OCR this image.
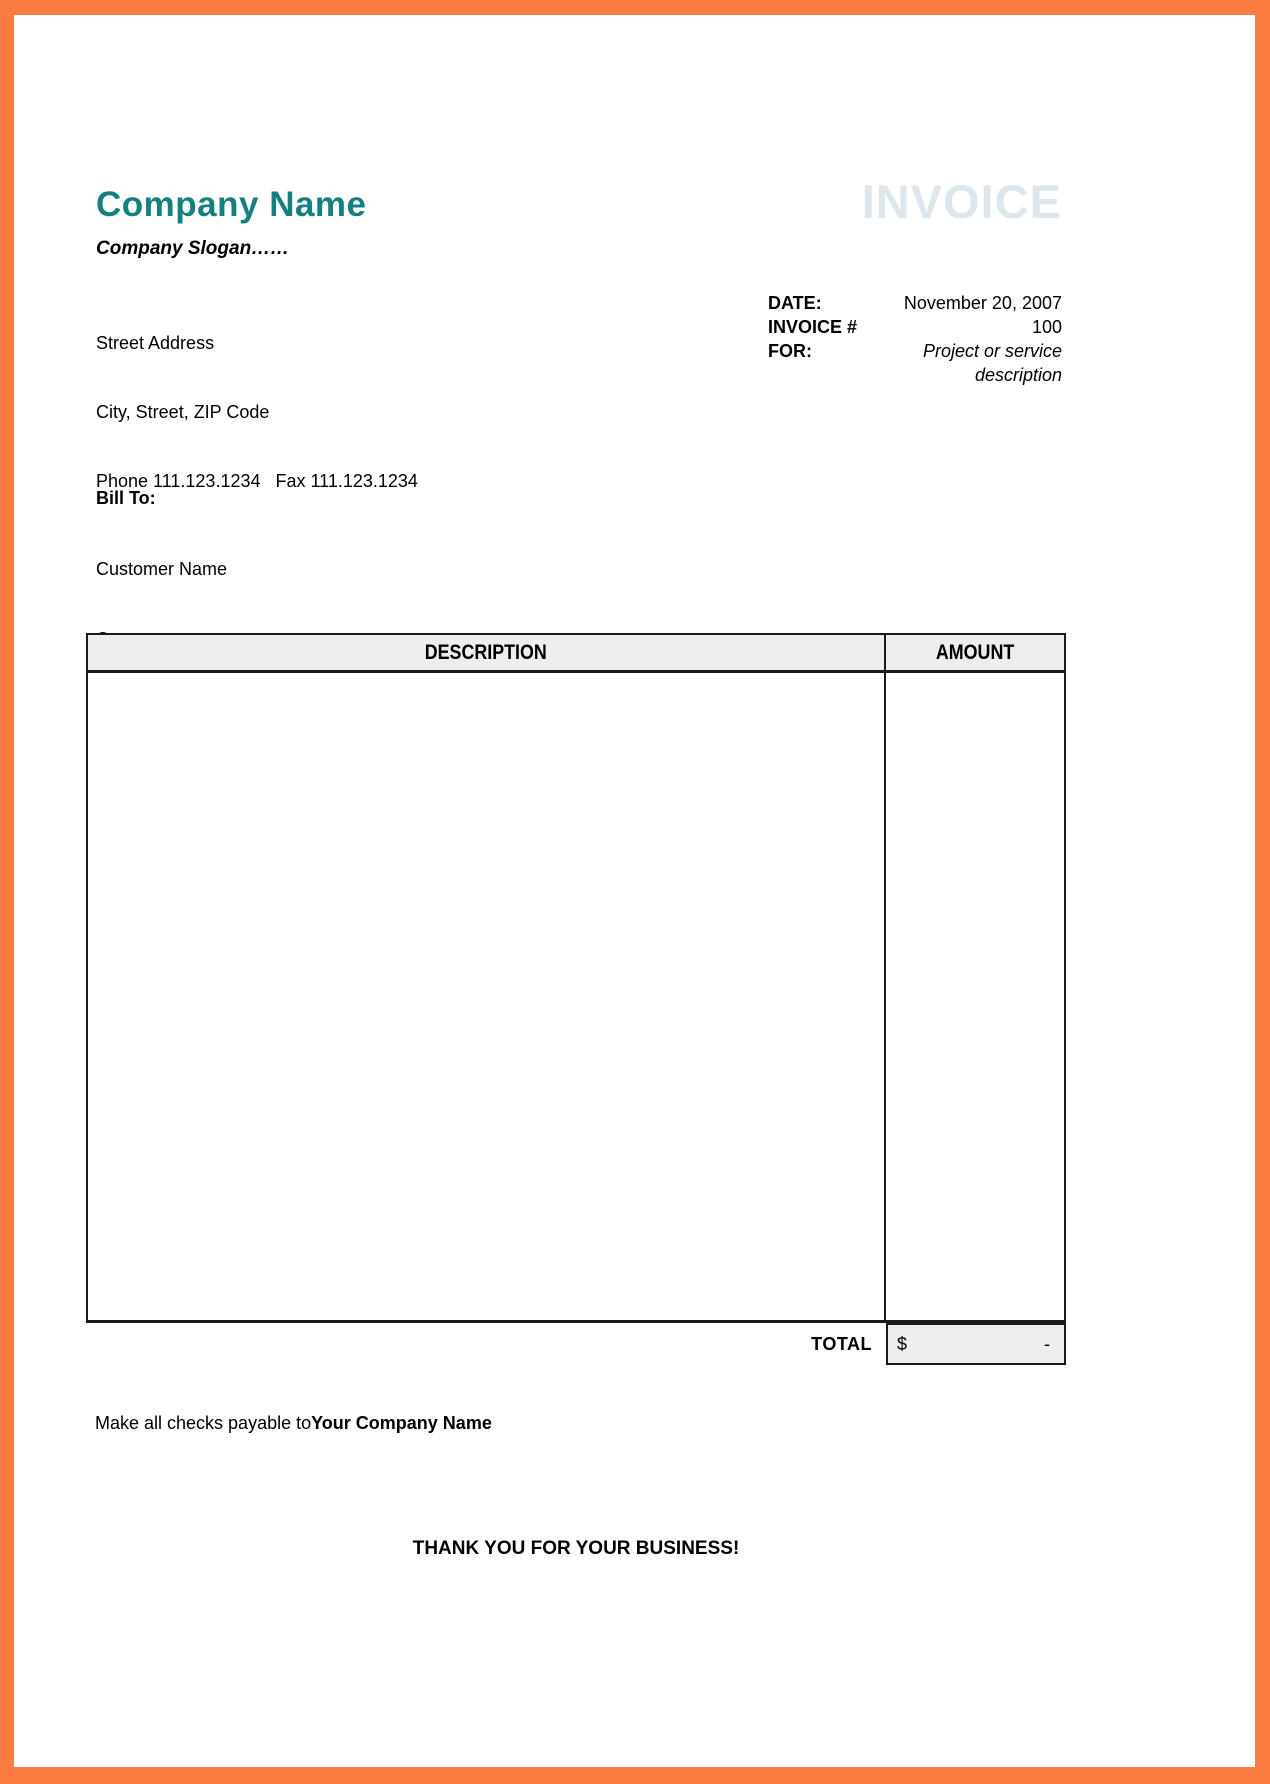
Company Name
Company Slogan……

Street Address

City, Street, ZIP Code

Phone 111.123.1234   Fax 111.123.1234

INVOICE
DATE:	November 20, 2007
INVOICE #	100
FOR:	Project or service
description

Bill To:

Customer Name

DESCRIPTION	AMOUNT
TOTAL $	-
Make all checks payable toYour Company Name
THANK YOU FOR YOUR BUSINESS!
